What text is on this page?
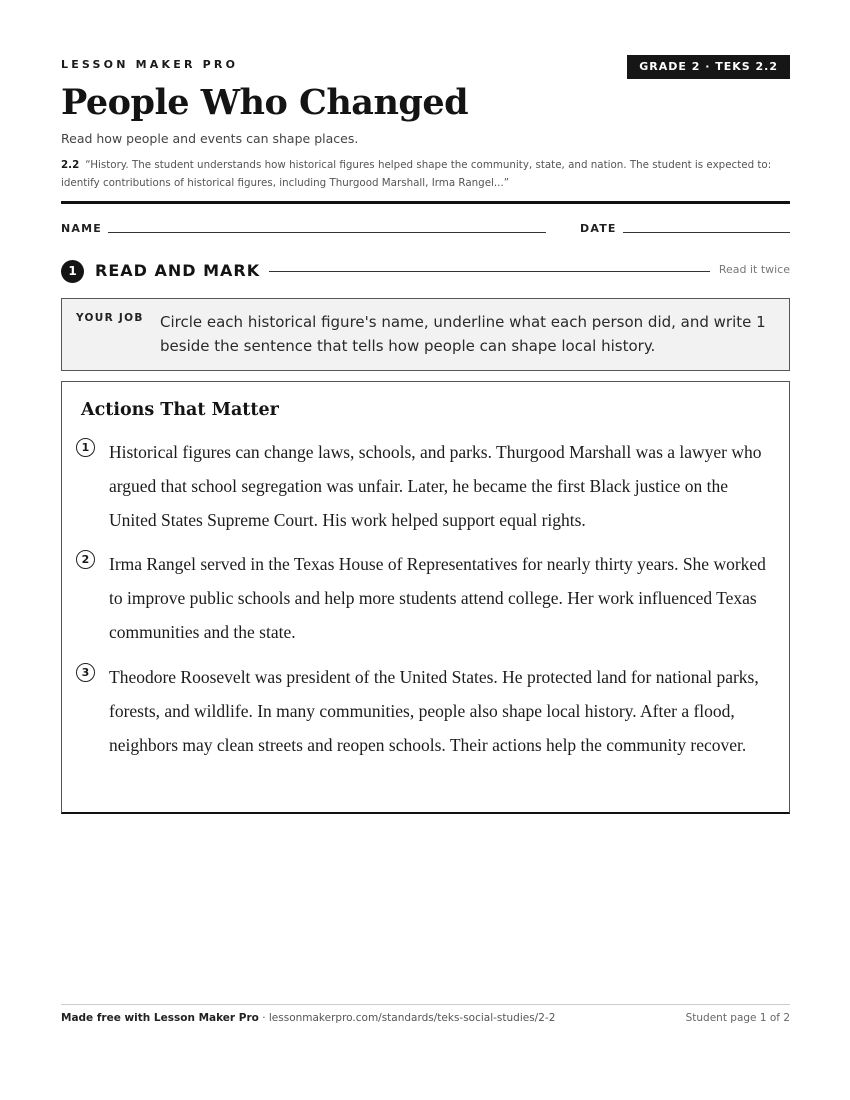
LESSON MAKER PRO	GRADE 2 · TEKS 2.2
People Who Changed
Read how people and events can shape places.
2.2 “History. The student understands how historical figures helped shape the community, state, and nation. The student is expected to: identify contributions of historical figures, including Thurgood Marshall, Irma Rangel...”
NAME	DATE
1	READ AND MARK	Read it twice
YOUR JOB Circle each historical figure's name, underline what each person did, and write 1 beside the sentence that tells how people can shape local history.
Actions That Matter
1	Historical figures can change laws, schools, and parks. Thurgood Marshall was a lawyer who argued that school segregation was unfair. Later, he became the first Black justice on the United States Supreme Court. His work helped support equal rights.
2	Irma Rangel served in the Texas House of Representatives for nearly thirty years. She worked to improve public schools and help more students attend college. Her work influenced Texas communities and the state.
3	Theodore Roosevelt was president of the United States. He protected land for national parks, forests, and wildlife. In many communities, people also shape local history. After a flood, neighbors may clean streets and reopen schools. Their actions help the community recover.
Made free with Lesson Maker Pro · lessonmakerpro.com/standards/teks-social-studies/2-2	Student page 1 of 2
